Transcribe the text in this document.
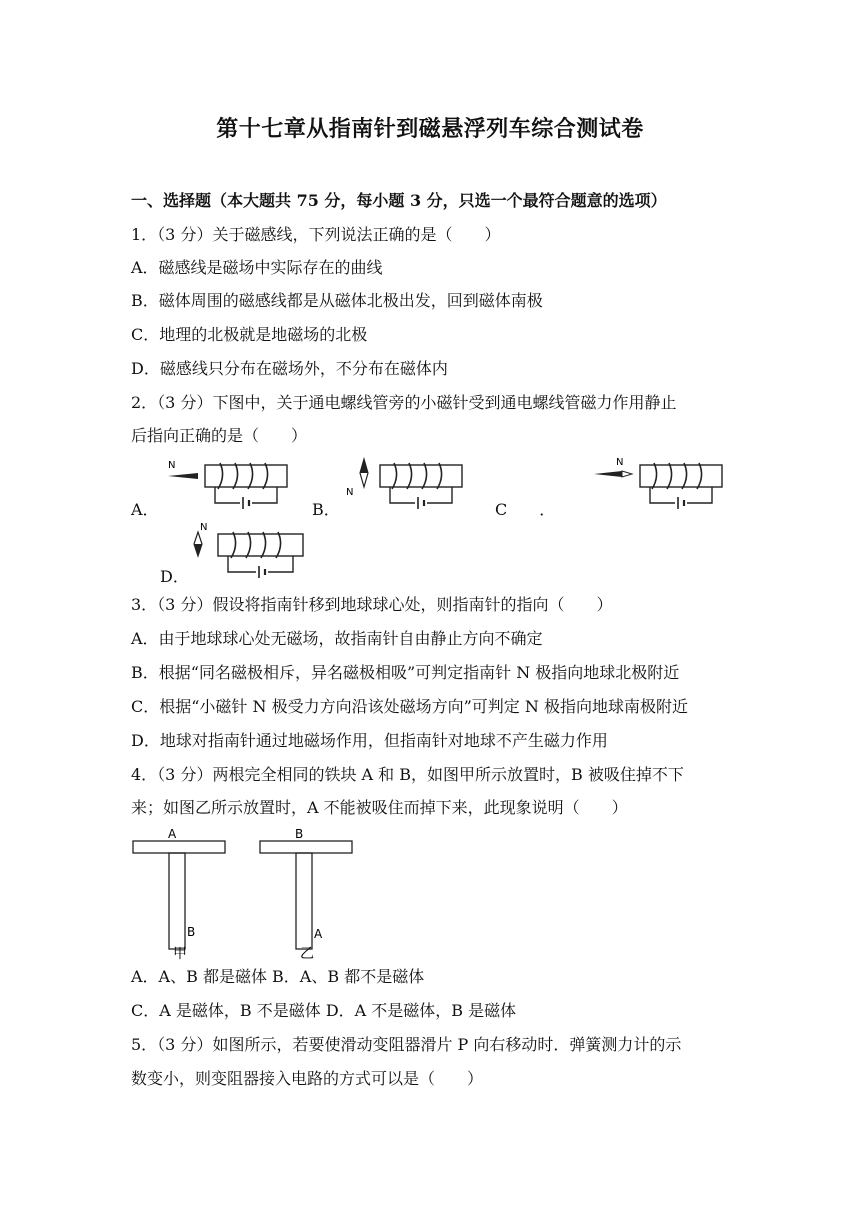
第十七章从指南针到磁悬浮列车综合测试卷
一、选择题（本大题共 75 分，每小题 3 分，只选一个最符合题意的选项）
1．（3 分）关于磁感线，下列说法正确的是（　　）
A．磁感线是磁场中实际存在的曲线
B．磁体周围的磁感线都是从磁体北极出发，回到磁体南极
C．地理的北极就是地磁场的北极
D．磁感线只分布在磁场外，不分布在磁体内
2．（3 分）下图中，关于通电螺线管旁的小磁针受到通电螺线管磁力作用静止
后指向正确的是（　　）
A．	B．	C　　．
D．
N
N
N
N
3．（3 分）假设将指南针移到地球球心处，则指南针的指向（　　）
A．由于地球球心处无磁场，故指南针自由静止方向不确定
B．根据“同名磁极相斥，异名磁极相吸”可判定指南针 N 极指向地球北极附近
C．根据“小磁针 N 极受力方向沿该处磁场方向”可判定 N 极指向地球南极附近
D．地球对指南针通过地磁场作用，但指南针对地球不产生磁力作用
4．（3 分）两根完全相同的铁块 A 和 B，如图甲所示放置时，B 被吸住掉不下
来；如图乙所示放置时，A 不能被吸住而掉下来，此现象说明（　　）
A
B
甲
B
A
乙
A．A、B 都是磁体 B．A、B 都不是磁体
C．A 是磁体，B 不是磁体 D．A 不是磁体，B 是磁体
5．（3 分）如图所示，若要使滑动变阻器滑片 P 向右移动时．弹簧测力计的示
数变小，则变阻器接入电路的方式可以是（　　）
